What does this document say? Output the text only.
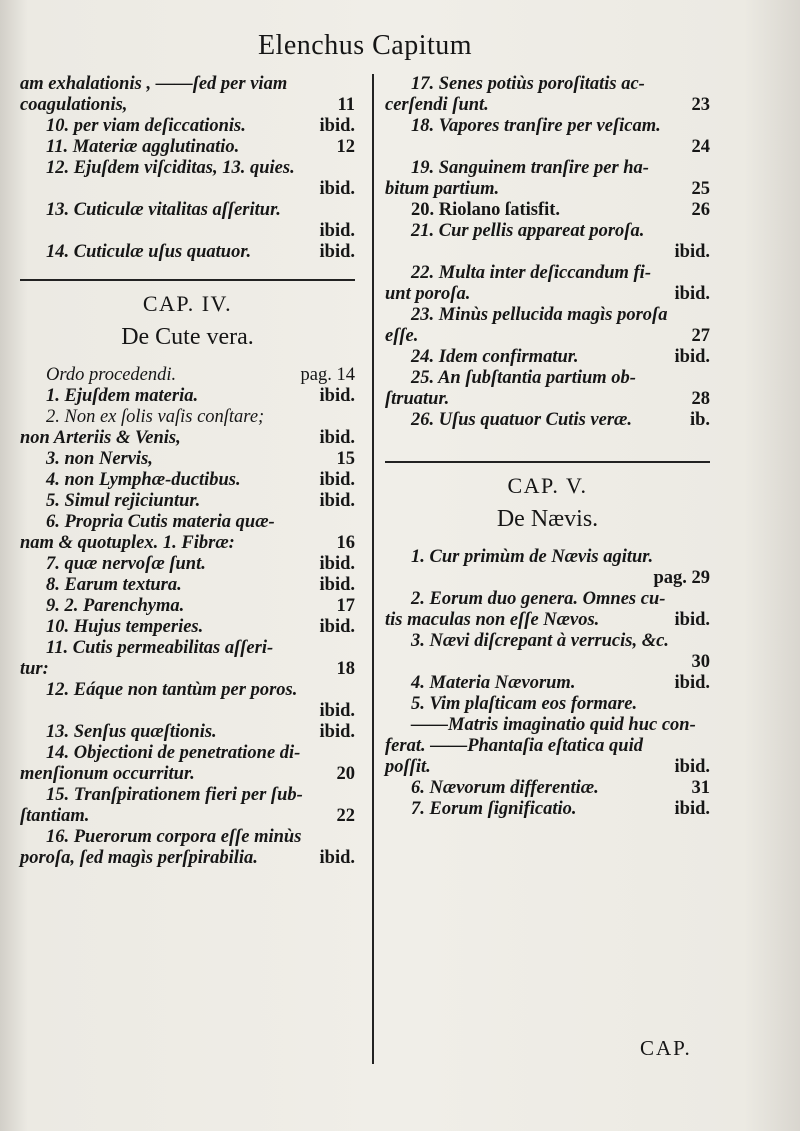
Elenchus Capitum
am exhalationis , ——ſed per viam
coagulationis,	11
10. per viam deſiccationis.	ibid.
11. Materiæ agglutinatio.	12
12. Ejuſdem viſciditas, 13. quies.
ibid.
13. Cuticulæ vitalitas aſſeritur.
ibid.
14. Cuticulæ uſus quatuor.	ibid.
CAP. IV.
De Cute vera.
Ordo procedendi.	pag. 14
1. Ejuſdem materia.	ibid.
2. Non ex ſolis vaſis conſtare;
non Arteriis & Venis,	ibid.
3. non Nervis,	15
4. non Lymphæ-ductibus.	ibid.
5. Simul rejiciuntur.	ibid.
6. Propria Cutis materia quæ-
nam & quotuplex. 1. Fibræ:	16
7. quæ nervoſæ ſunt.	ibid.
8. Earum textura.	ibid.
9. 2. Parenchyma.	17
10. Hujus temperies.	ibid.
11. Cutis permeabilitas aſſeri-
tur:	18
12. Eáque non tantùm per poros.
ibid.
13. Senſus quæſtionis.	ibid.
14. Objectioni de penetratione di-
menſionum occurritur.	20
15. Tranſpirationem fieri per ſub-
ſtantiam.	22
16. Puerorum corpora eſſe minùs
poroſa, ſed magìs perſpirabilia.	ibid.
17. Senes potiùs poroſitatis ac-
cerſendi ſunt.	23
18. Vapores tranſire per veſicam.
24
19. Sanguinem tranſire per ha-
bitum partium.	25
20. Riolano ſatisfit.	26
21. Cur pellis appareat poroſa.
ibid.
22. Multa inter deſiccandum fi-
unt poroſa.	ibid.
23. Minùs pellucida magìs poroſa
eſſe.	27
24. Idem confirmatur.	ibid.
25. An ſubſtantia partium ob-
ſtruatur.	28
26. Uſus quatuor Cutis veræ.	ib.
CAP. V.
De Nævis.
1. Cur primùm de Nævis agitur.
pag. 29
2. Eorum duo genera. Omnes cu-
tis maculas non eſſe Nævos.	ibid.
3. Nævi diſcrepant à verrucis, &c.
30
4. Materia Nævorum.	ibid.
5. Vim plaſticam eos formare.
——Matris imaginatio quid huc con-
ferat. ——Phantaſia eſtatica quid
poſſit.	ibid.
6. Nævorum differentiæ.	31
7. Eorum ſignificatio.	ibid.
CAP.
